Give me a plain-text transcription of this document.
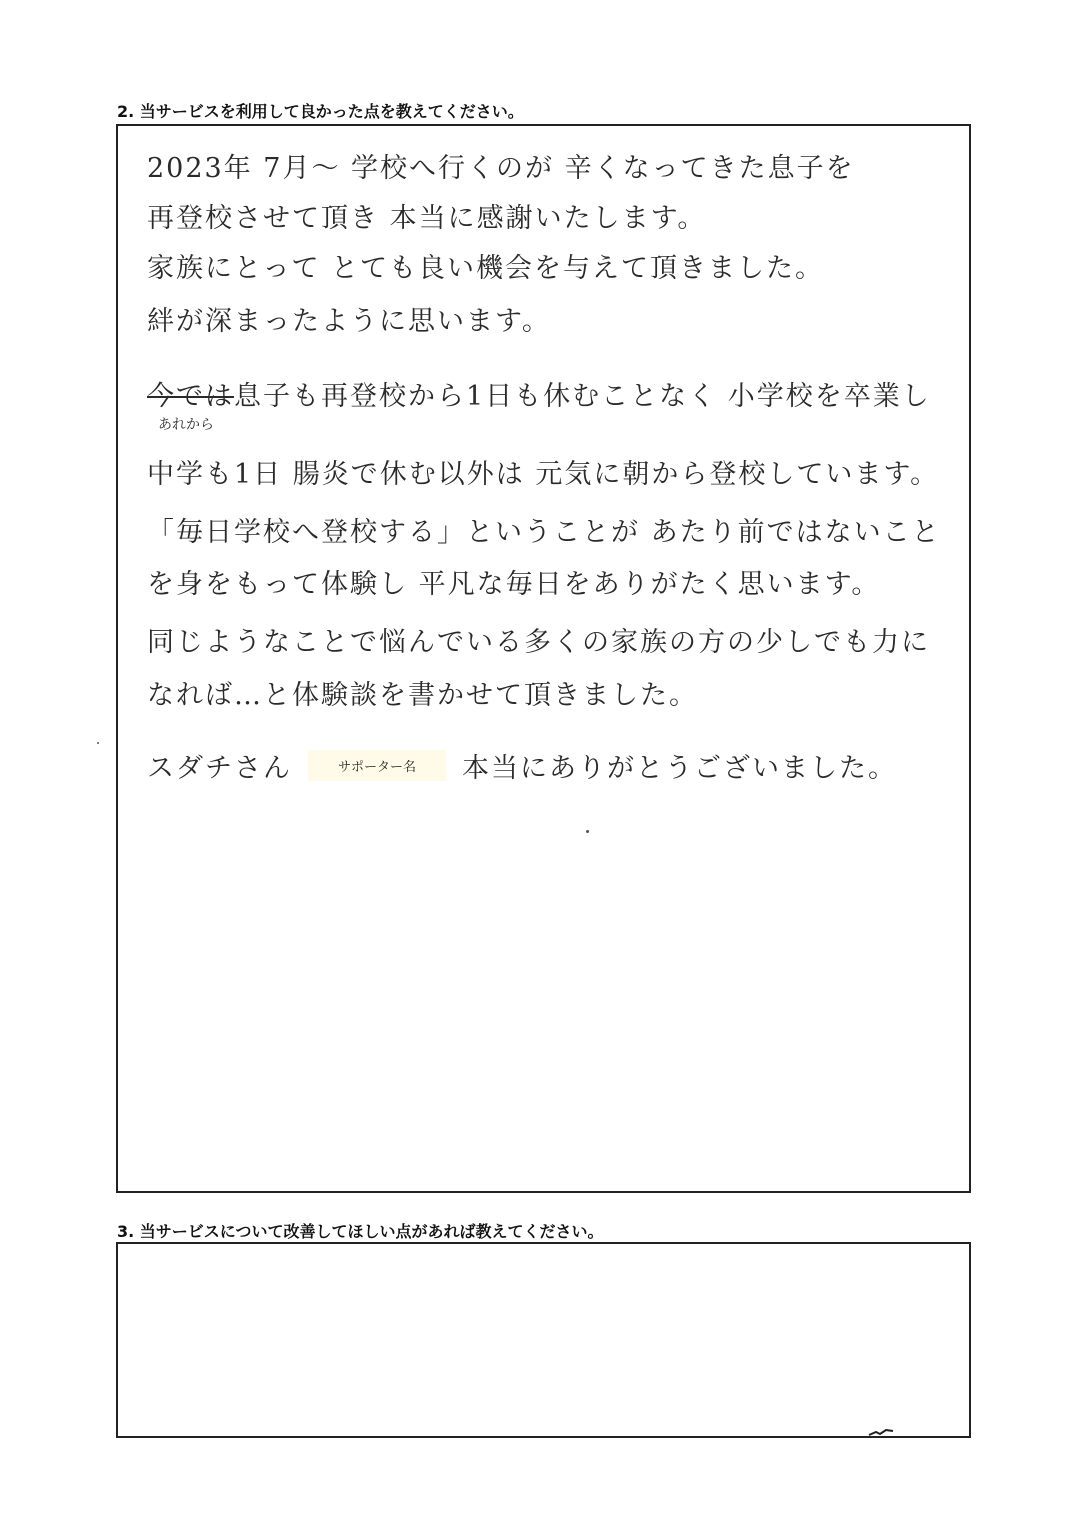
2. 当サービスを利用して良かった点を教えてください。
2023年 7月～ 学校へ行くのが 辛くなってきた息子を
再登校させて頂き 本当に感謝いたします。
家族にとって とても良い機会を与えて頂きました。
絆が深まったように思います。
今では息子も再登校から1日も休むことなく 小学校を卒業し
あれから
中学も1日 腸炎で休む以外は 元気に朝から登校しています。
「毎日学校へ登校する」ということが あたり前ではないこと
を身をもって体験し 平凡な毎日をありがたく思います。
同じようなことで悩んでいる多くの家族の方の少しでも力に
なれば…と体験談を書かせて頂きました。
スダチさん	サポーター名	本当にありがとうございました。
3. 当サービスについて改善してほしい点があれば教えてください。
